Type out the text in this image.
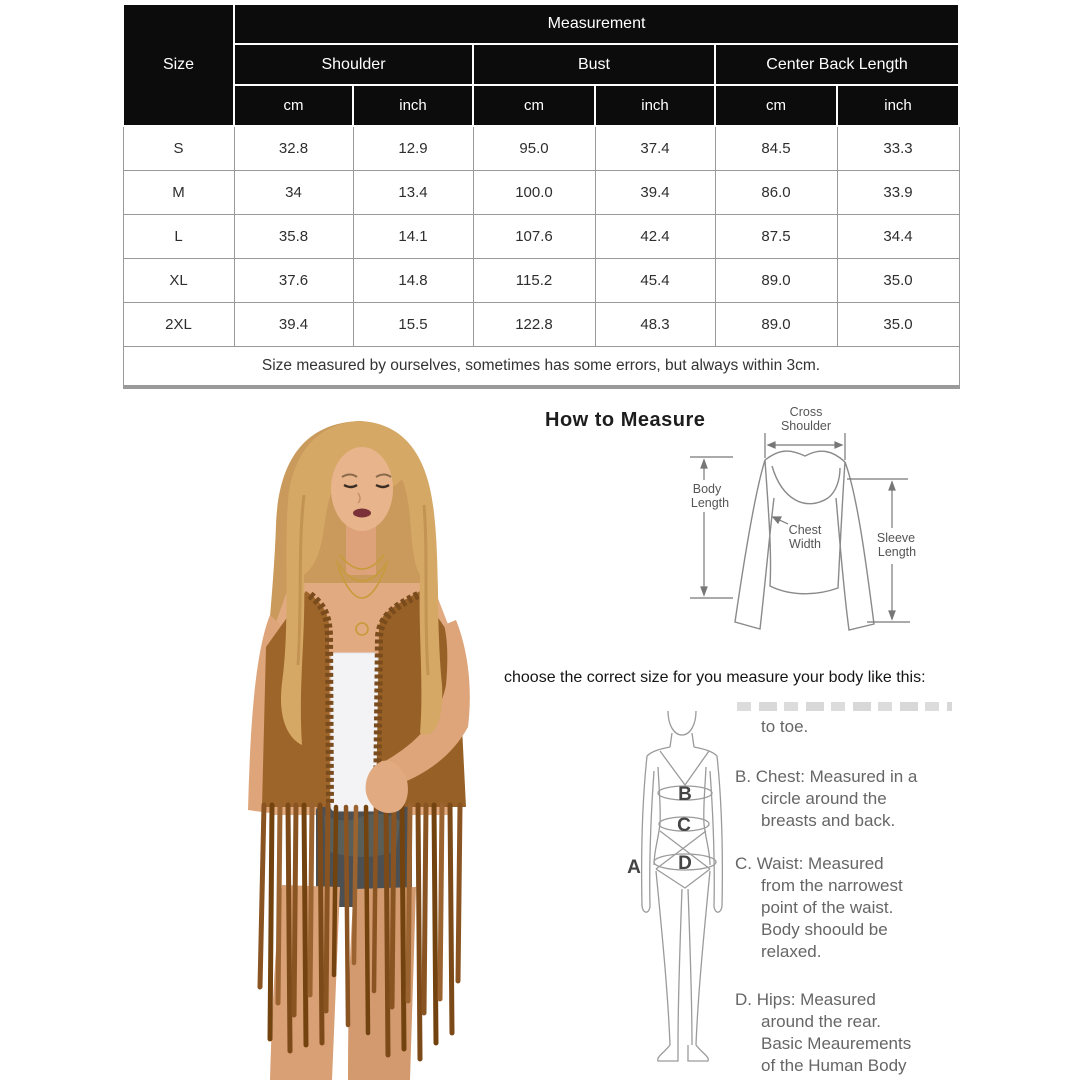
Size	Measurement					
	Shoulder		Bust		Center Back Length	
	cm	inch	cm	inch	cm	inch
S	32.8	12.9	95.0	37.4	84.5	33.3
M	34	13.4	100.0	39.4	86.0	33.9
L	35.8	14.1	107.6	42.4	87.5	34.4
XL	37.6	14.8	115.2	45.4	89.0	35.0
2XL	39.4	15.5	122.8	48.3	89.0	35.0
Size measured by ourselves, sometimes has some errors, but always within 3cm.						
How to Measure	Cross
Shoulder
Body
Length
Chest
Width	Sleeve
Length
choose the correct size for you measure your body like this:
A
B
C
D
to toe.
B. Chest: Measured in a
circle around the
breasts and back.
C. Waist: Measured
from the narrowest
point of the waist.
Body shoould be
relaxed.
D. Hips: Measured
around the rear.
Basic Meaurements
of the Human Body
